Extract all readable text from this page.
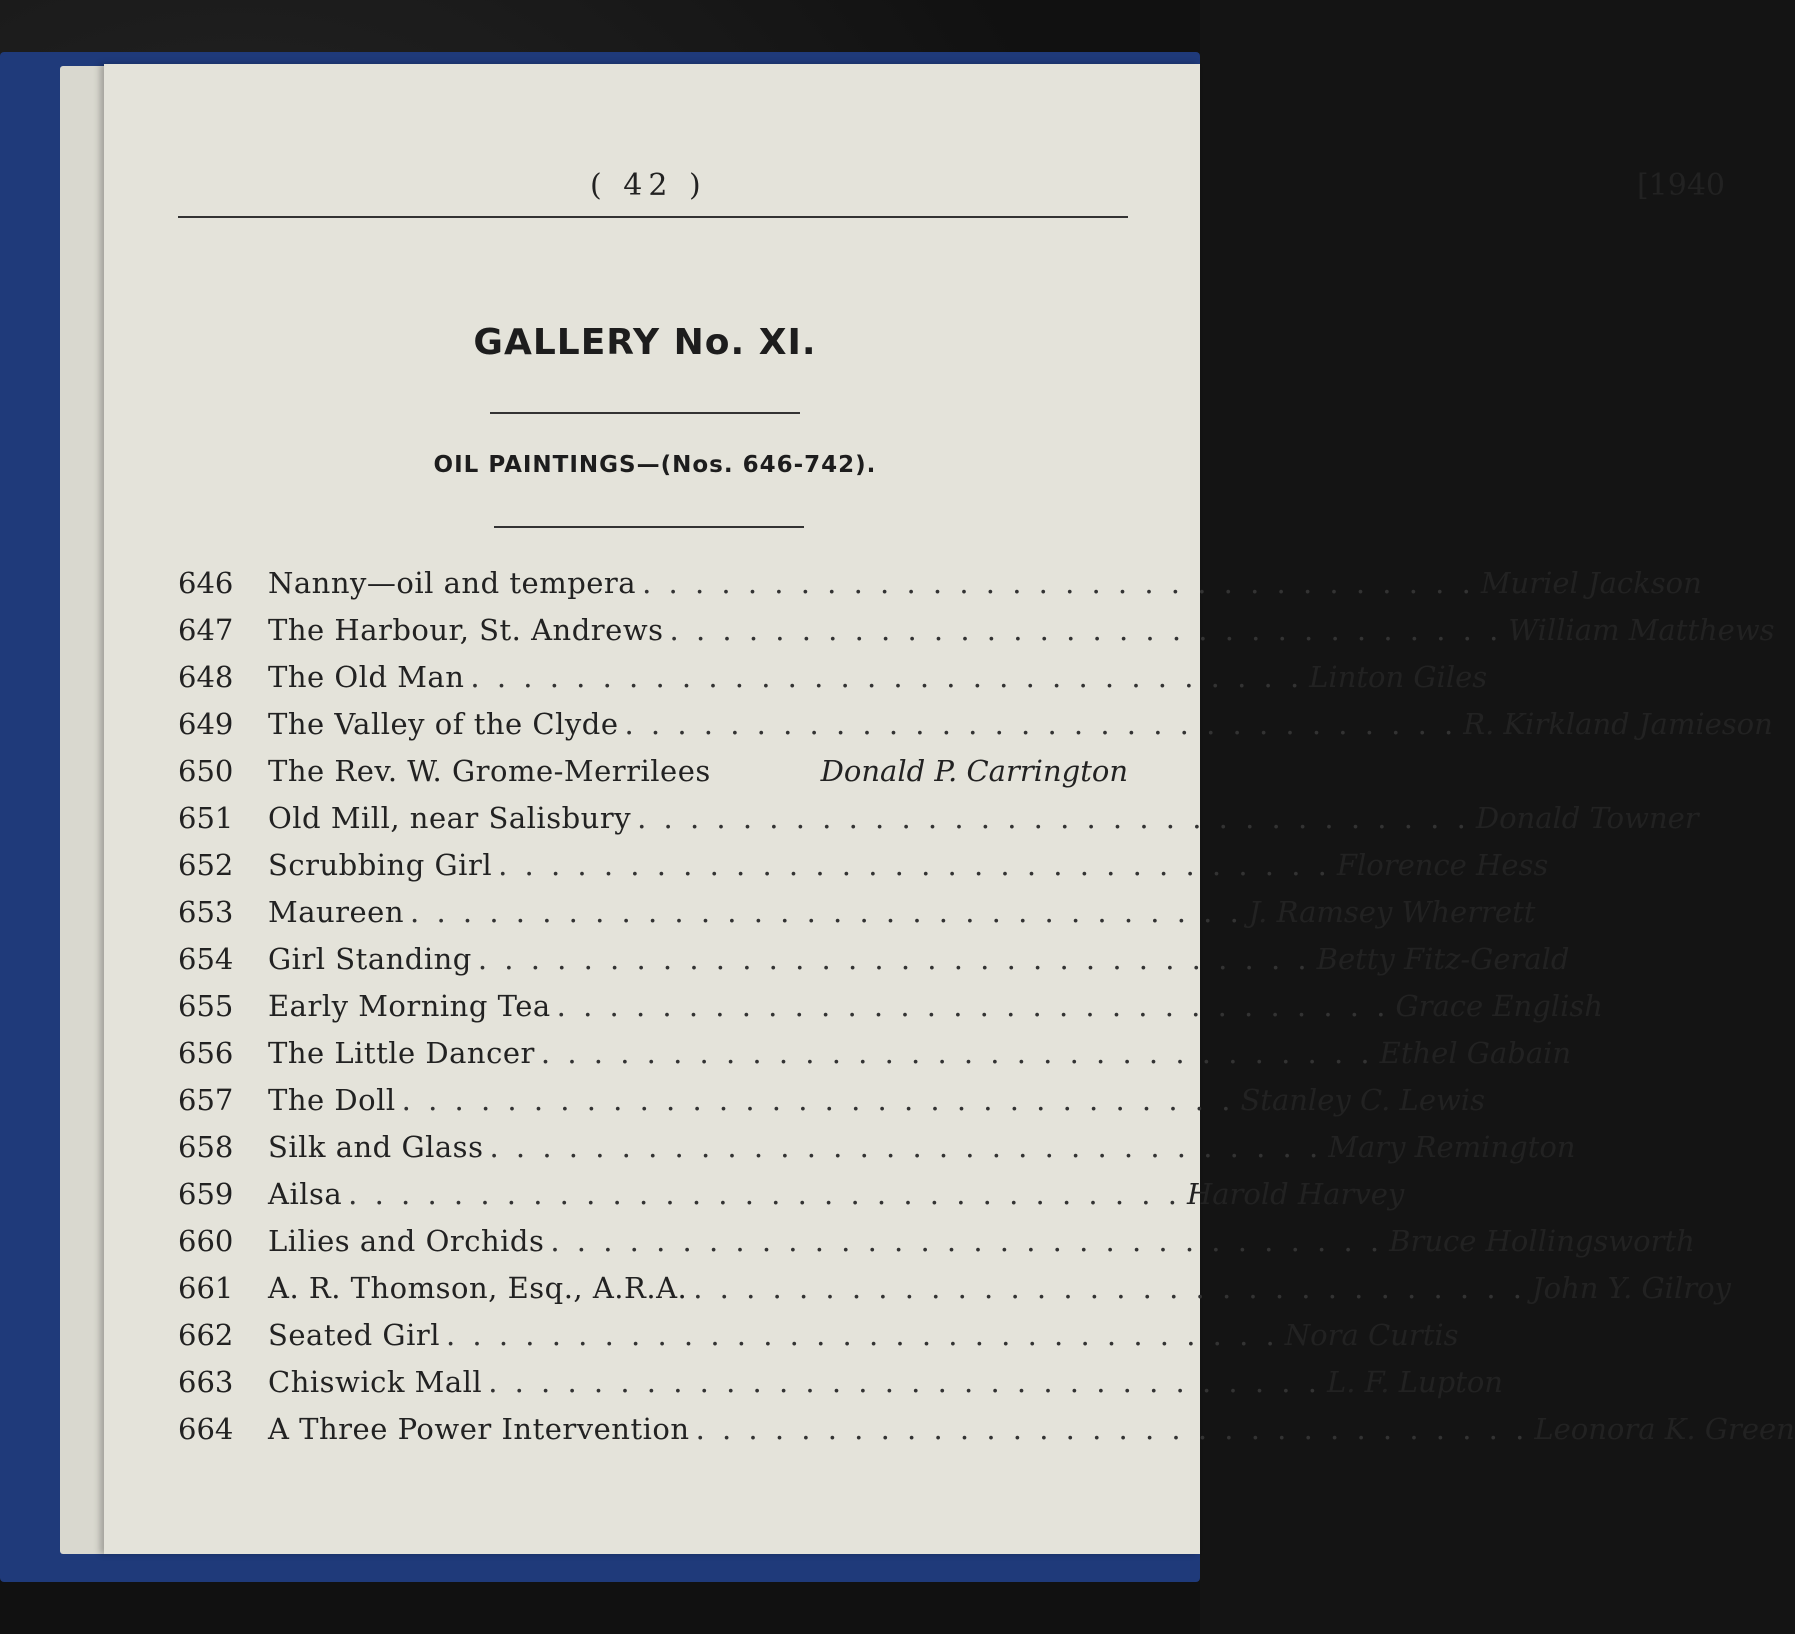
( 42 )	[1940
GALLERY No. XI.
OIL PAINTINGS—(Nos. 646-742).
646	Nanny—oil and tempera . . . . . . . . . . . . . . . . . . . . . . . . . . . . . . . . Muriel Jackson
647	The Harbour, St. Andrews . . . . . . . . . . . . . . . . . . . . . . . . . . . . . . . . William Matthews
648	The Old Man . . . . . . . . . . . . . . . . . . . . . . . . . . . . . . . . Linton Giles
649	The Valley of the Clyde . . . . . . . . . . . . . . . . . . . . . . . . . . . . . . . . R. Kirkland Jamieson
650	The Rev. W. Grome-Merrilees	Donald P. Carrington
651	Old Mill, near Salisbury . . . . . . . . . . . . . . . . . . . . . . . . . . . . . . . . Donald Towner
652	Scrubbing Girl . . . . . . . . . . . . . . . . . . . . . . . . . . . . . . . . Florence Hess
653	Maureen . . . . . . . . . . . . . . . . . . . . . . . . . . . . . . . . J. Ramsey Wherrett
654	Girl Standing . . . . . . . . . . . . . . . . . . . . . . . . . . . . . . . . Betty Fitz-Gerald
655	Early Morning Tea . . . . . . . . . . . . . . . . . . . . . . . . . . . . . . . . Grace English
656	The Little Dancer . . . . . . . . . . . . . . . . . . . . . . . . . . . . . . . . Ethel Gabain
657	The Doll . . . . . . . . . . . . . . . . . . . . . . . . . . . . . . . . Stanley C. Lewis
658	Silk and Glass . . . . . . . . . . . . . . . . . . . . . . . . . . . . . . . . Mary Remington
659	Ailsa . . . . . . . . . . . . . . . . . . . . . . . . . . . . . . . . Harold Harvey
660	Lilies and Orchids . . . . . . . . . . . . . . . . . . . . . . . . . . . . . . . . Bruce Hollingsworth
661	A. R. Thomson, Esq., A.R.A. . . . . . . . . . . . . . . . . . . . . . . . . . . . . . . . . John Y. Gilroy
662	Seated Girl . . . . . . . . . . . . . . . . . . . . . . . . . . . . . . . . Nora Curtis
663	Chiswick Mall . . . . . . . . . . . . . . . . . . . . . . . . . . . . . . . . L. F. Lupton
664	A Three Power Intervention . . . . . . . . . . . . . . . . . . . . . . . . . . . . . . . . Leonora K. Green
